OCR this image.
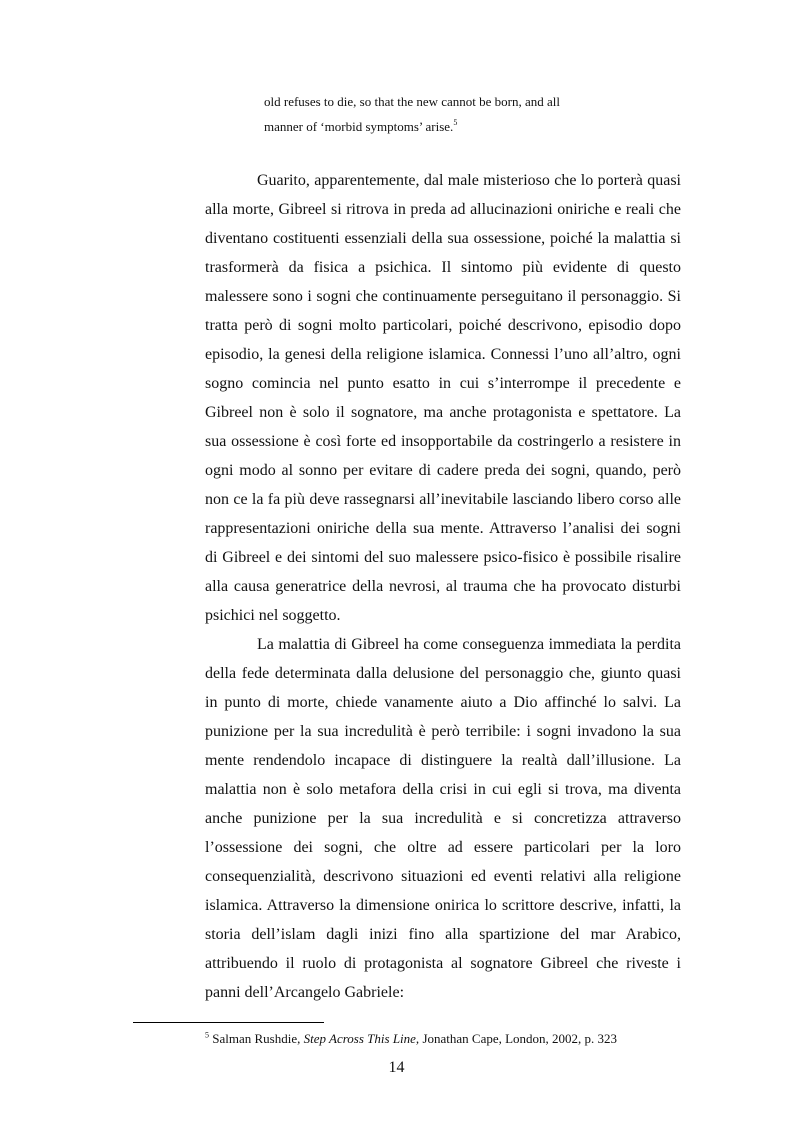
old refuses to die, so that the new cannot be born, and all
manner of ‘morbid symptoms’ arise.$^5$
Guarito, apparentemente, dal male misterioso che lo porterà quasi
alla morte, Gibreel si ritrova in preda ad allucinazioni oniriche e reali che
diventano costituenti essenziali della sua ossessione, poiché la malattia si
trasformerà da fisica a psichica. Il sintomo più evidente di questo
malessere sono i sogni che continuamente perseguitano il personaggio. Si
tratta però di sogni molto particolari, poiché descrivono, episodio dopo
episodio, la genesi della religione islamica. Connessi l’uno all’altro, ogni
sogno comincia nel punto esatto in cui s’interrompe il precedente e
Gibreel non è solo il sognatore, ma anche protagonista e spettatore. La
sua ossessione è così forte ed insopportabile da costringerlo a resistere in
ogni modo al sonno per evitare di cadere preda dei sogni, quando, però
non ce la fa più deve rassegnarsi all’inevitabile lasciando libero corso alle
rappresentazioni oniriche della sua mente. Attraverso l’analisi dei sogni
di Gibreel e dei sintomi del suo malessere psico-fisico è possibile risalire
alla causa generatrice della nevrosi, al trauma che ha provocato disturbi
psichici nel soggetto.
La malattia di Gibreel ha come conseguenza immediata la perdita
della fede determinata dalla delusione del personaggio che, giunto quasi
in punto di morte, chiede vanamente aiuto a Dio affinché lo salvi. La
punizione per la sua incredulità è però terribile: i sogni invadono la sua
mente rendendolo incapace di distinguere la realtà dall’illusione. La
malattia non è solo metafora della crisi in cui egli si trova, ma diventa
anche punizione per la sua incredulità e si concretizza attraverso
l’ossessione dei sogni, che oltre ad essere particolari per la loro
consequenzialità, descrivono situazioni ed eventi relativi alla religione
islamica. Attraverso la dimensione onirica lo scrittore descrive, infatti, la
storia dell’islam dagli inizi fino alla spartizione del mar Arabico,
attribuendo il ruolo di protagonista al sognatore Gibreel che riveste i
panni dell’Arcangelo Gabriele:
$^5$ Salman Rushdie, Step Across This Line, Jonathan Cape, London, 2002, p. 323
14
